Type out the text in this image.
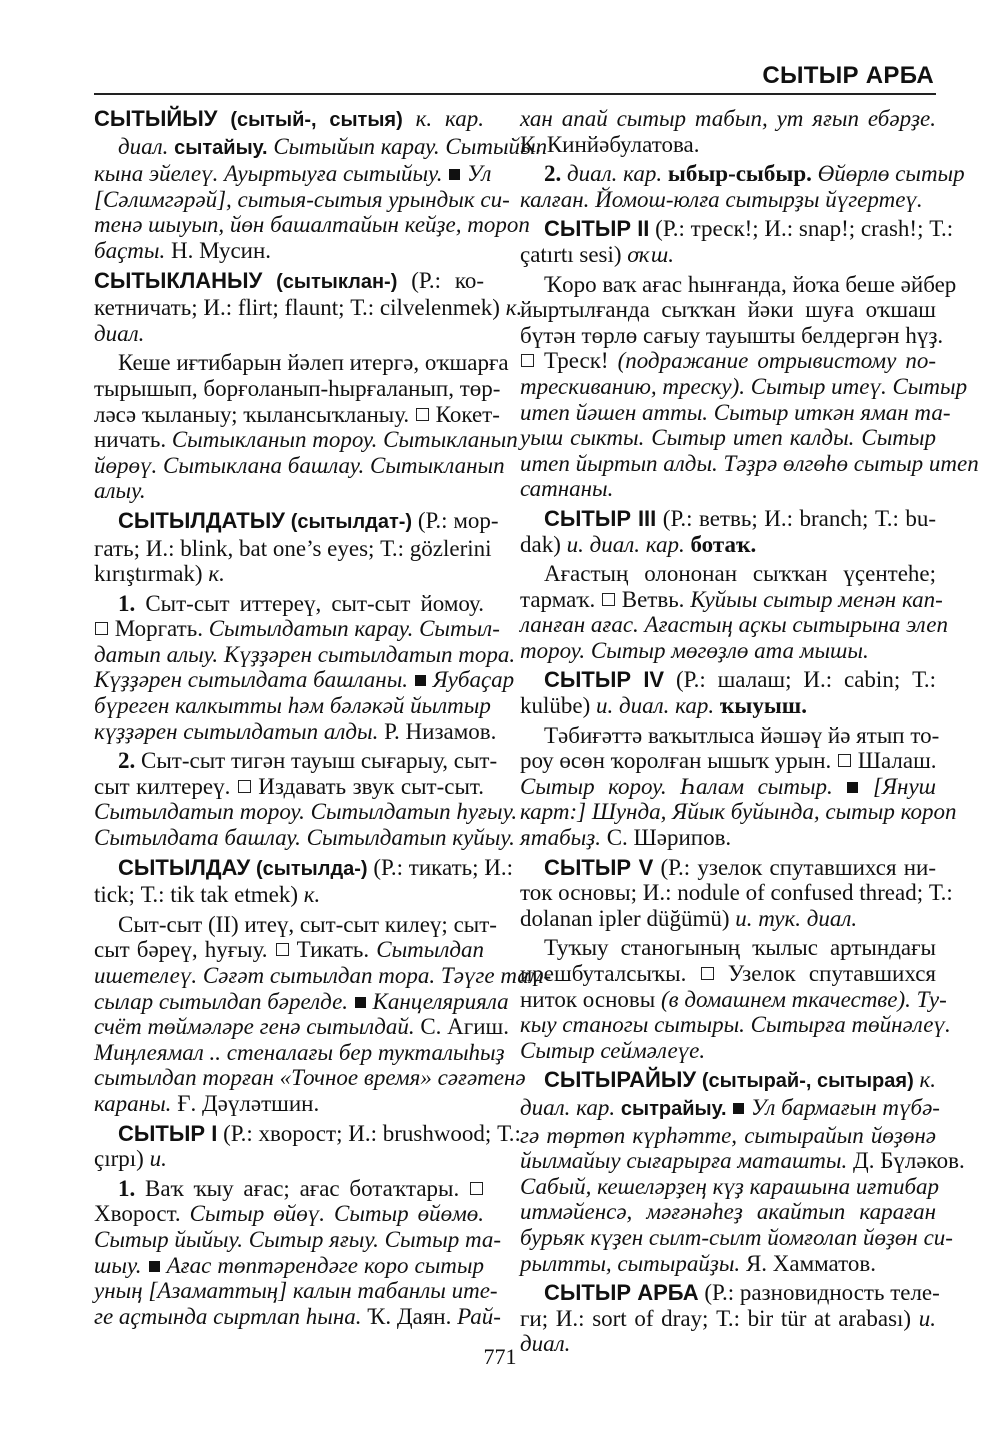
СЫТЫР АРБА
СЫТЫЙЫУ (сытый-, сытыя) к. кар.
диал. сытайыу. Сытыйып карау. Сытыйып
кына эйелеү. Ауыртыуға сытыйыу. Ул
[Сәлимгәрәй], сытыя-сытыя урындык си-
тенә шыуып, йөн башалтайын кейҙе, тороп
баҫты. Н. Мусин.
СЫТЫКЛАНЫУ (сытыклан-) (Р.: ко-
кетничать; И.: flirt; flaunt; Т.: cilvelenmek) к.
диал.
Кеше иғтибарын йәлеп итергә, оҡшарға
тырышып, борғоланып-һырғаланып, төр-
ләсә ҡыланыу; ҡылансыҡланыу.  Кокет-
ничать. Сытыкланып тороу. Сытыкланып
йөрөү. Сытыклана башлау. Сытыкланып
алыу.
СЫТЫЛДАТЫУ (сытылдат-) (Р.: мор-
гать; И.: blink, bat one’s eyes; Т.: gözlerini
kırıştırmak) к.
1. Сыт-сыт иттереү, сыт-сыт йомоу.
Моргать. Сытылдатып карау. Сытыл-
датып алыу. Күҙҙәрен сытылдатып тора.
Күҙҙәрен сытылдата башланы. Яубаҫар
бүреген калкытты һәм бәләкәй йылтыр
күҙҙәрен сытылдатып алды. Р. Низамов.
2. Сыт-сыт тигән тауыш сығарыу, сыт-
сыт килтереү.  Издавать звук сыт-сыт.
Сытылдатып тороу. Сытылдатып һуғыу.
Сытылдата башлау. Сытылдатып куйыу.
СЫТЫЛДАУ (сытылда-) (Р.: тикать; И.:
tick; Т.: tik tak etmek) к.
Сыт-сыт (II) итеү, сыт-сыт килеү; сыт-
сыт бәреү, һуғыу.  Тикать. Сытылдап
ишетелеү. Сәғәт сытылдап тора. Тәүге там-
сылар сытылдап бәрелде. Канцелярияла
счёт төймәләре генә сытылдай. С. Агиш.
Миңлеямал .. стеналағы бер тукталыһыҙ
сытылдап торған «Точное время» сәғәтенә
караны. Ғ. Дәүләтшин.
СЫТЫР I (Р.: хворост; И.: brushwood; Т.:
çırpı) и.
1. Ваҡ ҡыу ағас; ағас ботаҡтары.
Хворост. Сытыр өйөү. Сытыр өйөмө.
Сытыр йыйыу. Сытыр яғыу. Сытыр та-
шыу. Ағас төптәрендәге коро сытыр
уның [Азаматтың] калын табанлы ите-
ге аҫтында сыртлап һына. Ҡ. Даян. Рай-
хан апай сытыр табып, ут яғып ебәрҙе.
К. Кинйәбулатова.
2. диал. кар. ыбыр-сыбыр. Өйөрлө сытыр
калған. Йомош-юлға сытырҙы йүгертеү.
СЫТЫР II (Р.: треск!; И.: snap!; crash!; Т.:
çatırtı sesi) оҡш.
Ҡоро ваҡ ағас һынғанда, йоҡа беше әйбер
йыртылғанда сыҡҡан йәки шуға оҡшаш
бүтән төрлө сағыу тауышты белдергән һүҙ.
Треск! (подражание отрывистому по-
трескиванию, треску). Сытыр итеү. Сытыр
итеп йәшен атты. Сытыр иткән яман та-
уыш сыкты. Сытыр итеп калды. Сытыр
итеп йыртып алды. Тәҙрә өлгөһө сытыр итеп
сатнаны.
СЫТЫР III (Р.: ветвь; И.: branch; Т.: bu-
dak) и. диал. кар. ботаҡ.
Ағастың олононан сыҡҡан үҫентеhe;
тармаҡ.  Ветвь. Куйыы сытыр менән кап-
ланған ағас. Ағастың аҫкы сытырына элеп
тороу. Сытыр мөгөҙлө ата мышы.
СЫТЫР IV (Р.: шалаш; И.: cabin; Т.:
kulübe) и. диал. кар. ҡыуыш.
Тәбиғәттә ваҡытлыса йәшәү йә ятып то-
роу өсөн ҡоролған ышыҡ урын.  Шалаш.
Сытыр короу. Һалам сытыр. [Януш
карт:] Шунда, Яйык буйында, сытыр короп
ятабыҙ. С. Шәрипов.
СЫТЫР V (Р.: узелок спутавшихся ни-
ток основы; И.: nodule of confused thread; Т.:
dolanan ipler düğümü) и. тук. диал.
Туҡыу станогының ҡылыс артындағы
ирешбуталсыҡы.  Узелок спутавшихся
ниток основы (в домашнем ткачестве). Ту-
кыу станогы сытыры. Сытырға төйнәлеү.
Сытыр сеймәлеүе.
СЫТЫРАЙЫУ (сытырай-, сытырая) к.
диал. кар. сытрайыу. Ул бармағын түбә-
гә төртөп күрһәтте, сытырайып йөҙөнә
йылмайыу сығарырға маташты. Д. Бүләков.
Сабый, кешеләрҙең күҙ карашына иғтибар
итмәйенсә, мәғәнәһеҙ акайтып караған
бурьяк күҙен сылт-сылт йомғолап йөҙөн си-
рылтты, сытырайҙы. Я. Хамматов.
СЫТЫР АРБА (Р.: разновидность теле-
ги; И.: sort of dray; Т.: bir tür at arabası) и.
диал.
771
